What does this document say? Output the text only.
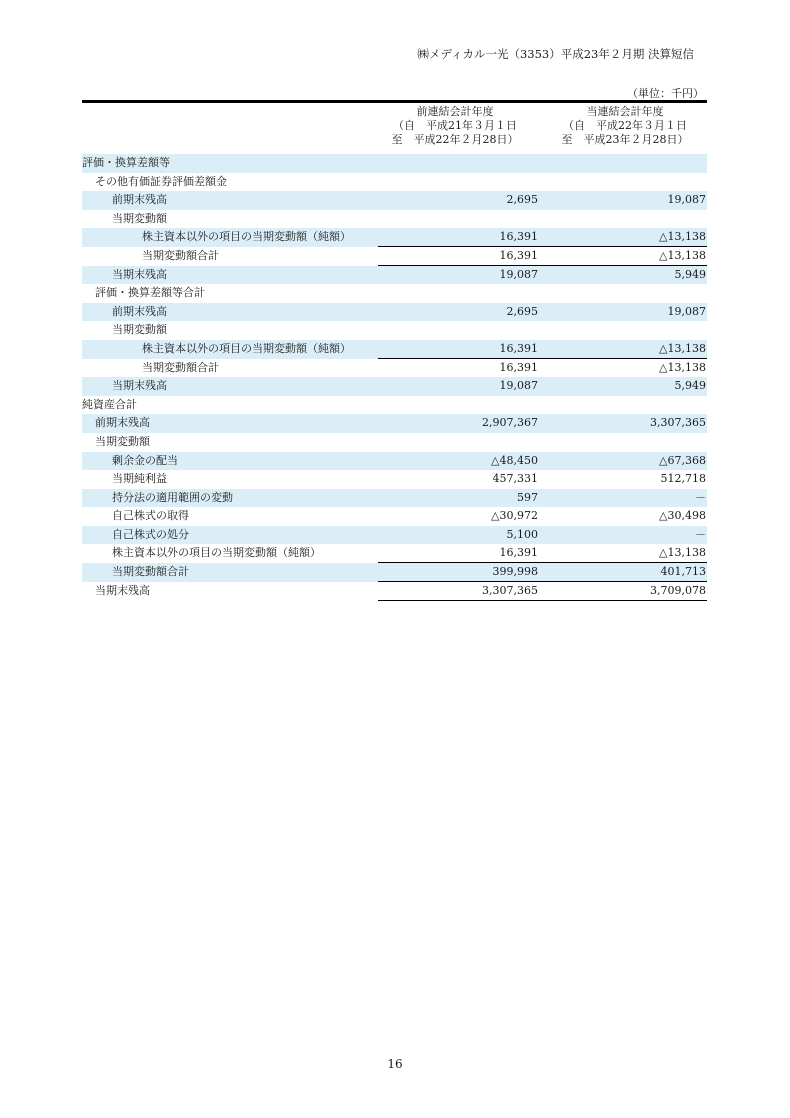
㈱メディカル一光（3353）平成23年２月期 決算短信
（単位：千円）
前連結会計年度
（自　平成21年３月１日
至　平成22年２月28日）
当連結会計年度
（自　平成22年３月１日
至　平成23年２月28日）
評価・換算差額等
その他有価証券評価差額金
前期末残高	2,695	19,087
当期変動額
株主資本以外の項目の当期変動額（純額）	16,391	△13,138
当期変動額合計	16,391	△13,138
当期末残高	19,087	5,949
評価・換算差額等合計
前期末残高	2,695	19,087
当期変動額
株主資本以外の項目の当期変動額（純額）	16,391	△13,138
当期変動額合計	16,391	△13,138
当期末残高	19,087	5,949
純資産合計
前期末残高	2,907,367	3,307,365
当期変動額
剰余金の配当	△48,450	△67,368
当期純利益	457,331	512,718
持分法の適用範囲の変動	597	－
自己株式の取得	△30,972	△30,498
自己株式の処分	5,100	－
株主資本以外の項目の当期変動額（純額）	16,391	△13,138
当期変動額合計	399,998	401,713
当期末残高	3,307,365	3,709,078
16
